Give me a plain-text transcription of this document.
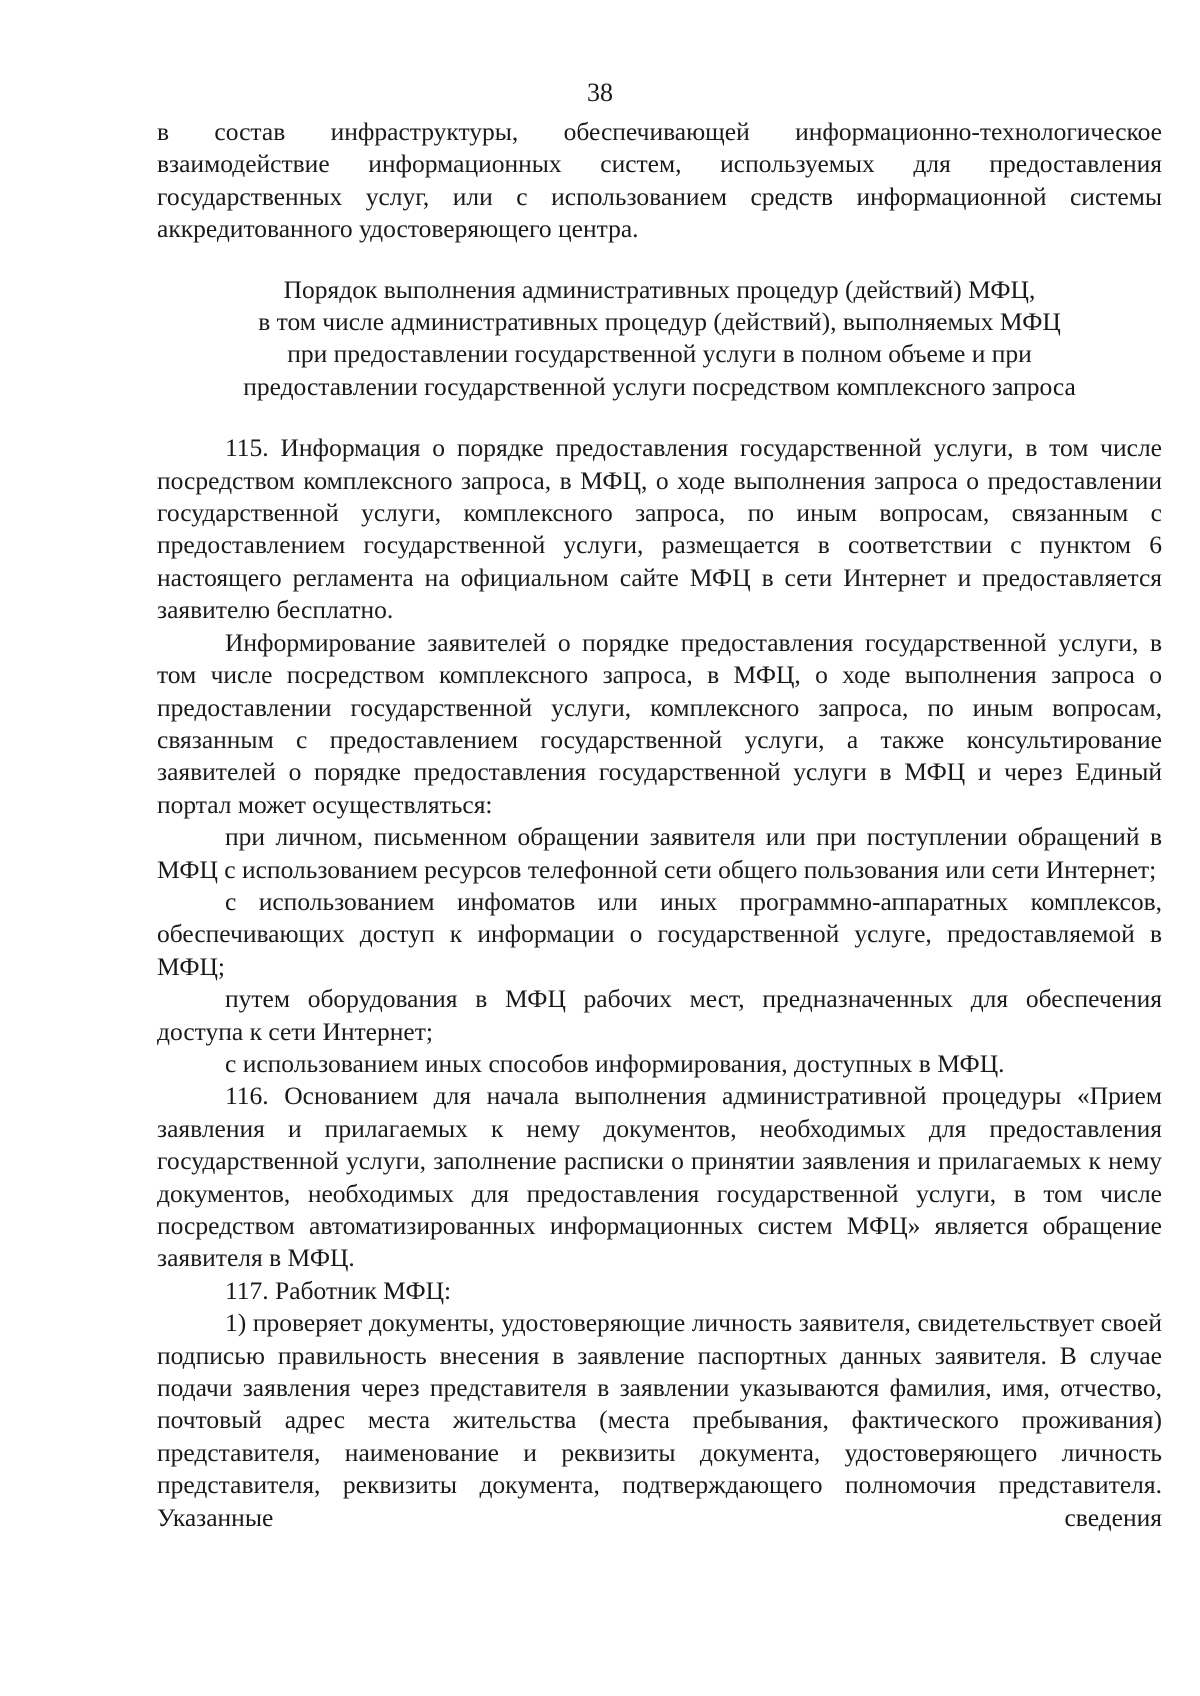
38

в состав инфраструктуры, обеспечивающей информационно-технологическое взаимодействие информационных систем, используемых для предоставления государственных услуг, или с использованием средств информационной системы аккредитованного удостоверяющего центра.

Порядок выполнения административных процедур (действий) МФЦ,
в том числе административных процедур (действий), выполняемых МФЦ
при предоставлении государственной услуги в полном объеме и при
предоставлении государственной услуги посредством комплексного запроса

115. Информация о порядке предоставления государственной услуги, в том числе посредством комплексного запроса, в МФЦ, о ходе выполнения запроса о предоставлении государственной услуги, комплексного запроса, по иным вопросам, связанным с предоставлением государственной услуги, размещается в соответствии с пунктом 6 настоящего регламента на официальном сайте МФЦ в сети Интернет и предоставляется заявителю бесплатно.

Информирование заявителей о порядке предоставления государственной услуги, в том числе посредством комплексного запроса, в МФЦ, о ходе выполнения запроса о предоставлении государственной услуги, комплексного запроса, по иным вопросам, связанным с предоставлением государственной услуги, а также консультирование заявителей о порядке предоставления государственной услуги в МФЦ и через Единый портал может осуществляться:

при личном, письменном обращении заявителя или при поступлении обращений в МФЦ с использованием ресурсов телефонной сети общего пользования или сети Интернет;

с использованием инфоматов или иных программно-аппаратных комплексов, обеспечивающих доступ к информации о государственной услуге, предоставляемой в МФЦ;

путем оборудования в МФЦ рабочих мест, предназначенных для обеспечения доступа к сети Интернет;

с использованием иных способов информирования, доступных в МФЦ.

116. Основанием для начала выполнения административной процедуры «Прием заявления и прилагаемых к нему документов, необходимых для предоставления государственной услуги, заполнение расписки о принятии заявления и прилагаемых к нему документов, необходимых для предоставления государственной услуги, в том числе посредством автоматизированных информационных систем МФЦ» является обращение заявителя в МФЦ.

117. Работник МФЦ:

1) проверяет документы, удостоверяющие личность заявителя, свидетельствует своей подписью правильность внесения в заявление паспортных данных заявителя. В случае подачи заявления через представителя в заявлении указываются фамилия, имя, отчество, почтовый адрес места жительства (места пребывания, фактического проживания) представителя, наименование и реквизиты документа, удостоверяющего личность представителя, реквизиты документа, подтверждающего полномочия представителя. Указанные сведения
